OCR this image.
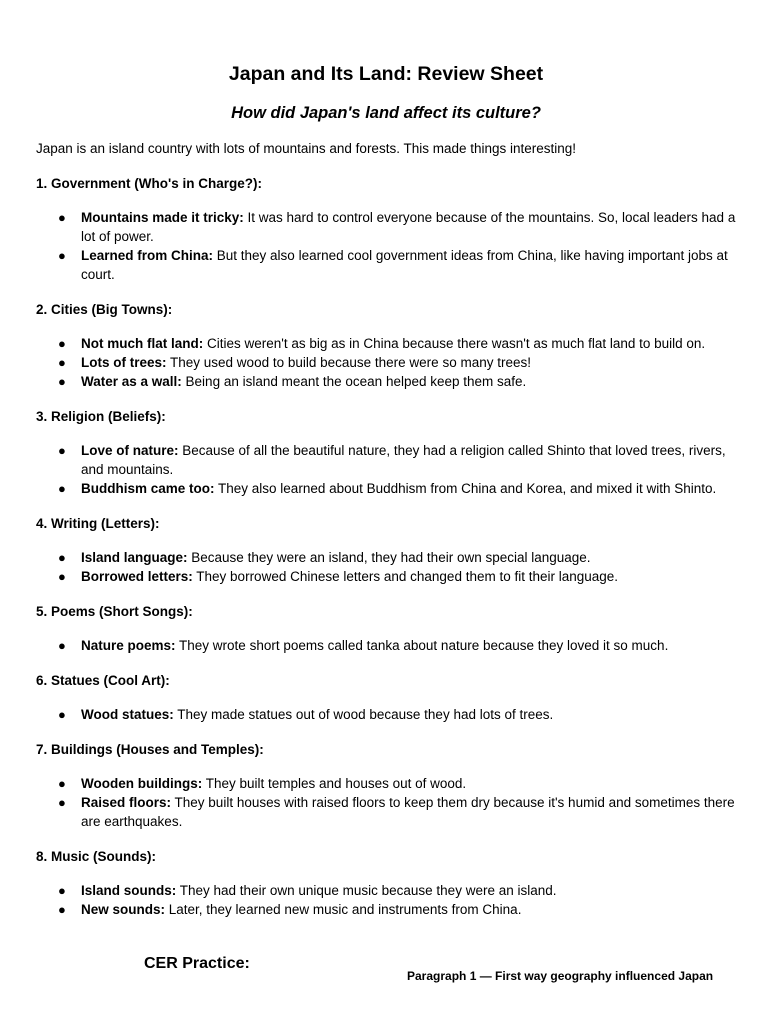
Japan and Its Land: Review Sheet
How did Japan's land affect its culture?

Japan is an island country with lots of mountains and forests. This made things interesting!

1. Government (Who's in Charge?):

● Mountains made it tricky: It was hard to control everyone because of the mountains. So, local leaders had a lot of power.
● Learned from China: But they also learned cool government ideas from China, like having important jobs at court.

2. Cities (Big Towns):

● Not much flat land: Cities weren't as big as in China because there wasn't as much flat land to build on.
● Lots of trees: They used wood to build because there were so many trees!
● Water as a wall: Being an island meant the ocean helped keep them safe.

3. Religion (Beliefs):

● Love of nature: Because of all the beautiful nature, they had a religion called Shinto that loved trees, rivers, and mountains.
● Buddhism came too: They also learned about Buddhism from China and Korea, and mixed it with Shinto.

4. Writing (Letters):

● Island language: Because they were an island, they had their own special language.
● Borrowed letters: They borrowed Chinese letters and changed them to fit their language.

5. Poems (Short Songs):

● Nature poems: They wrote short poems called tanka about nature because they loved it so much.

6. Statues (Cool Art):

● Wood statues: They made statues out of wood because they had lots of trees.

7. Buildings (Houses and Temples):

● Wooden buildings: They built temples and houses out of wood.
● Raised floors: They built houses with raised floors to keep them dry because it's humid and sometimes there are earthquakes.

8. Music (Sounds):

● Island sounds: They had their own unique music because they were an island.
● New sounds: Later, they learned new music and instruments from China.
CER Practice:
Paragraph 1 — First way geography influenced Japan
